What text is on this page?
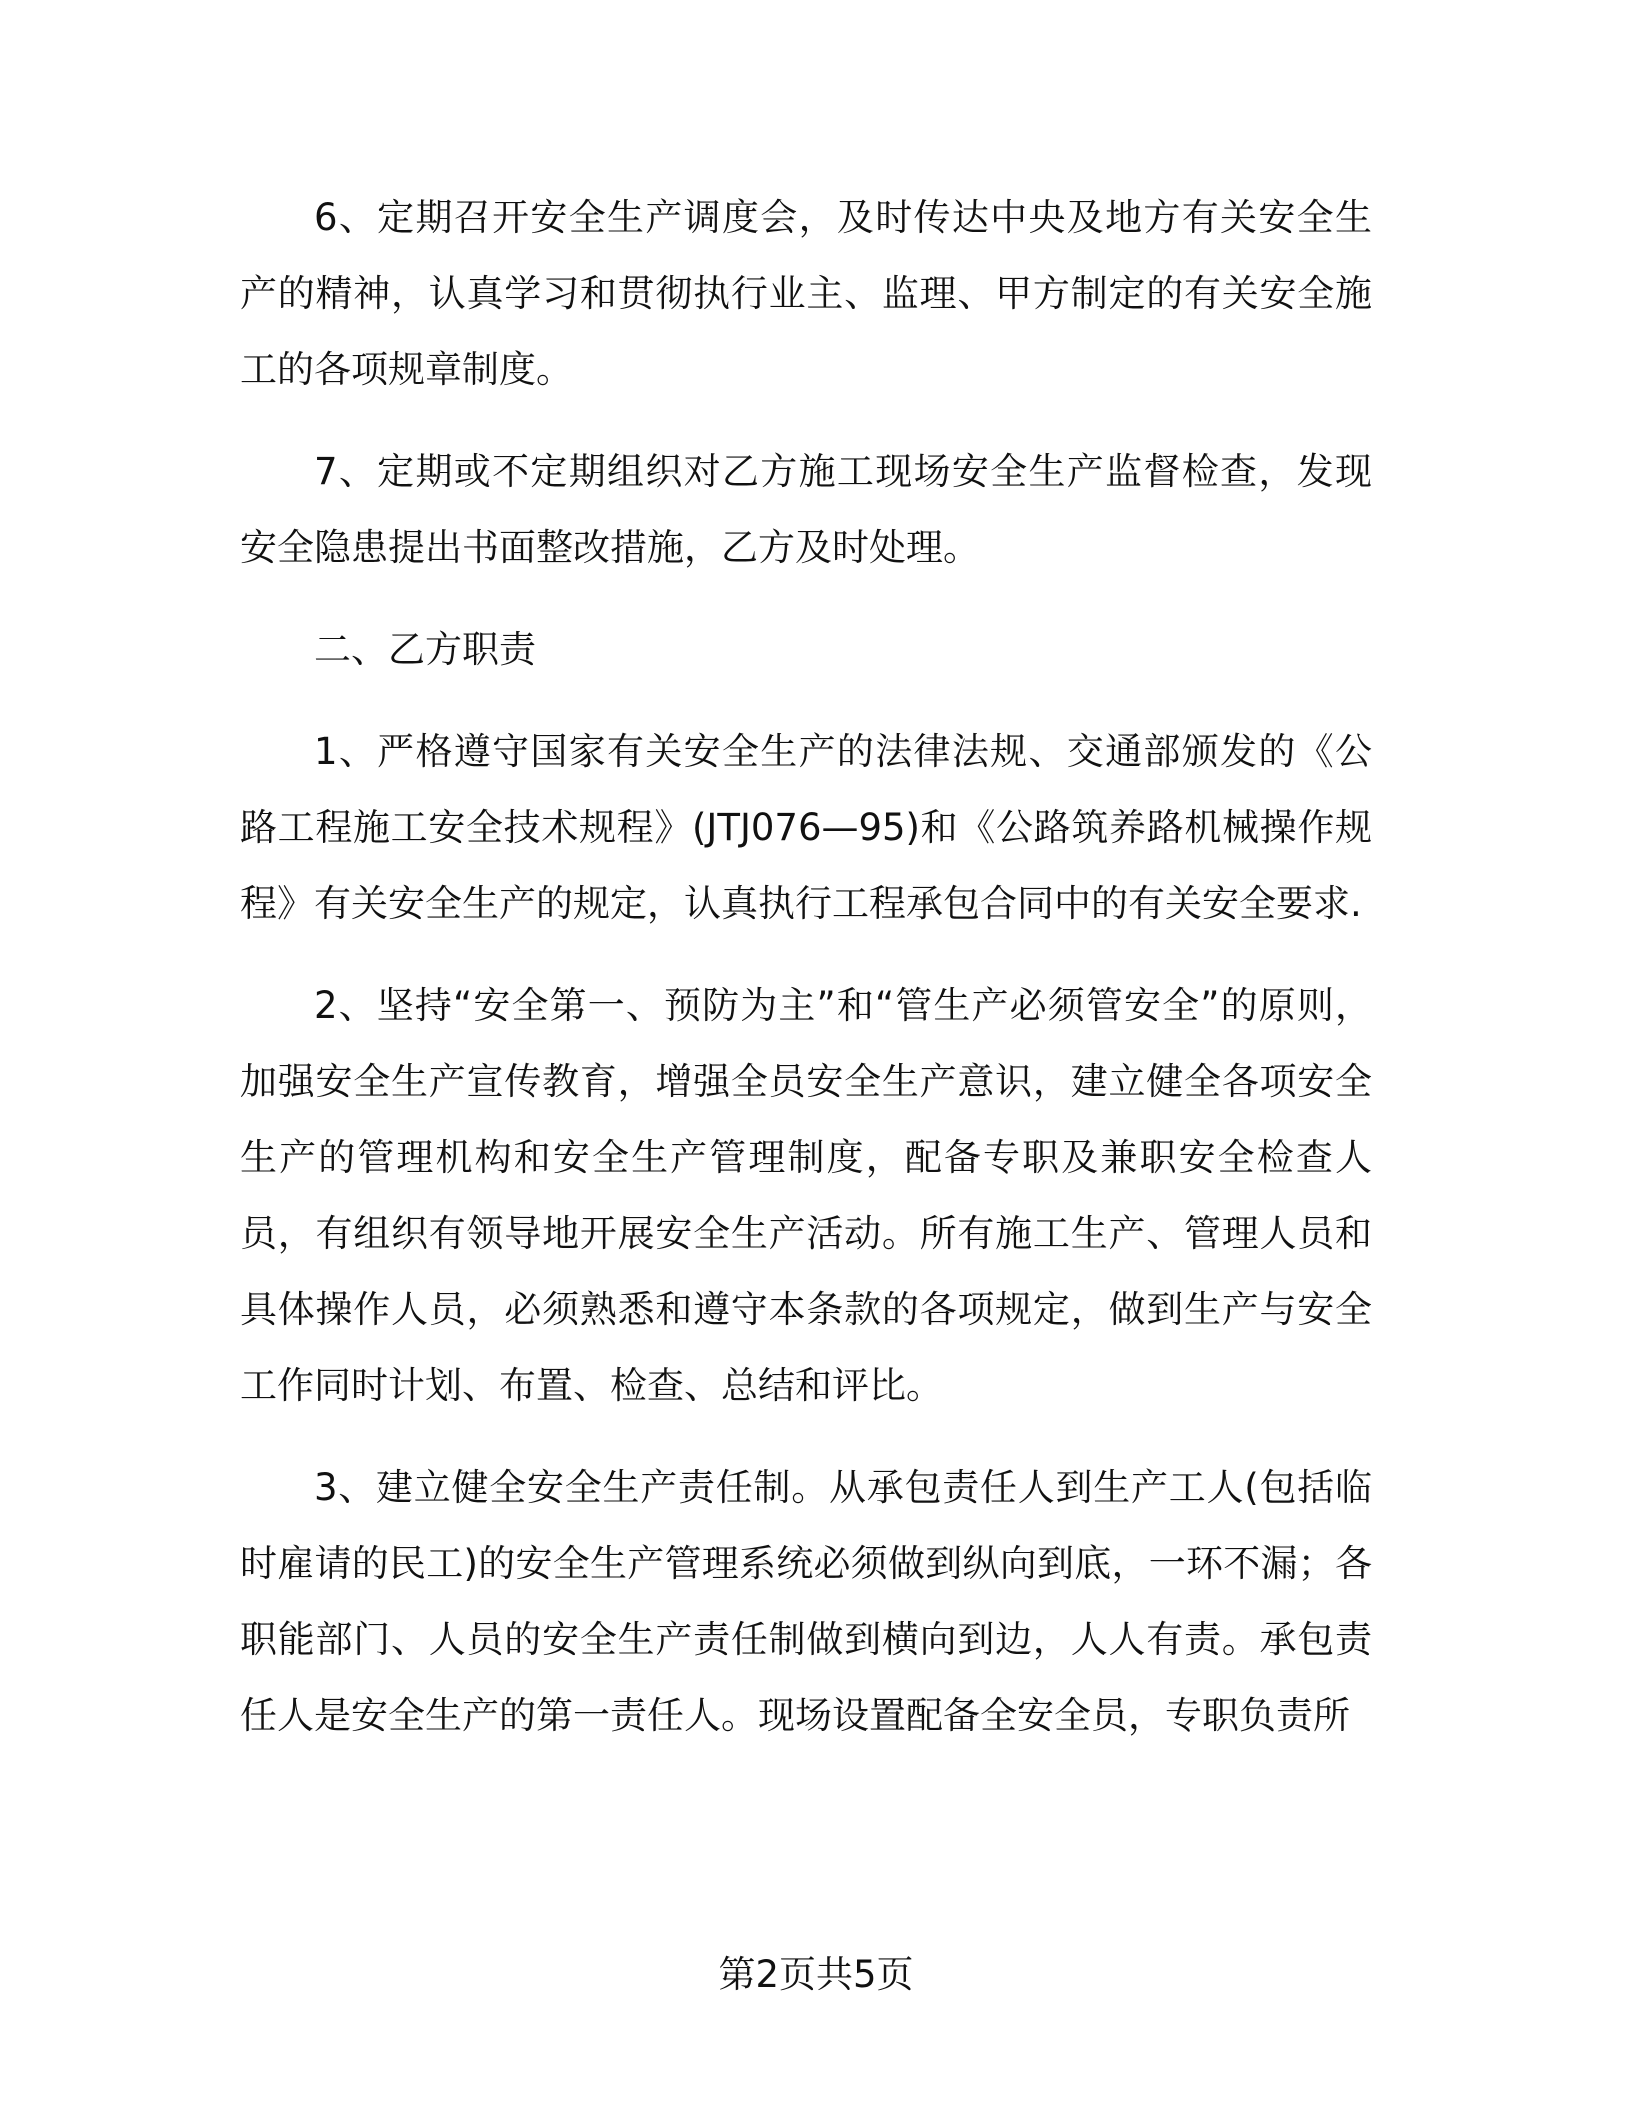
6、定期召开安全生产调度会，及时传达中央及地方有关安全生产的精神，认真学习和贯彻执行业主、监理、甲方制定的有关安全施工的各项规章制度。

7、定期或不定期组织对乙方施工现场安全生产监督检查，发现安全隐患提出书面整改措施，乙方及时处理。

二、乙方职责

1、严格遵守国家有关安全生产的法律法规、交通部颁发的《公路工程施工安全技术规程》(JTJ076—95)和《公路筑养路机械操作规程》有关安全生产的规定，认真执行工程承包合同中的有关安全要求.

2、坚持“安全第一、预防为主”和“管生产必须管安全”的原则，加强安全生产宣传教育，增强全员安全生产意识，建立健全各项安全生产的管理机构和安全生产管理制度，配备专职及兼职安全检查人员，有组织有领导地开展安全生产活动。所有施工生产、管理人员和具体操作人员，必须熟悉和遵守本条款的各项规定，做到生产与安全工作同时计划、布置、检查、总结和评比。

3、建立健全安全生产责任制。从承包责任人到生产工人(包括临时雇请的民工)的安全生产管理系统必须做到纵向到底，一环不漏；各职能部门、人员的安全生产责任制做到横向到边，人人有责。承包责任人是安全生产的第一责任人。现场设置配备全安全员，专职负责所

第2页共5页
